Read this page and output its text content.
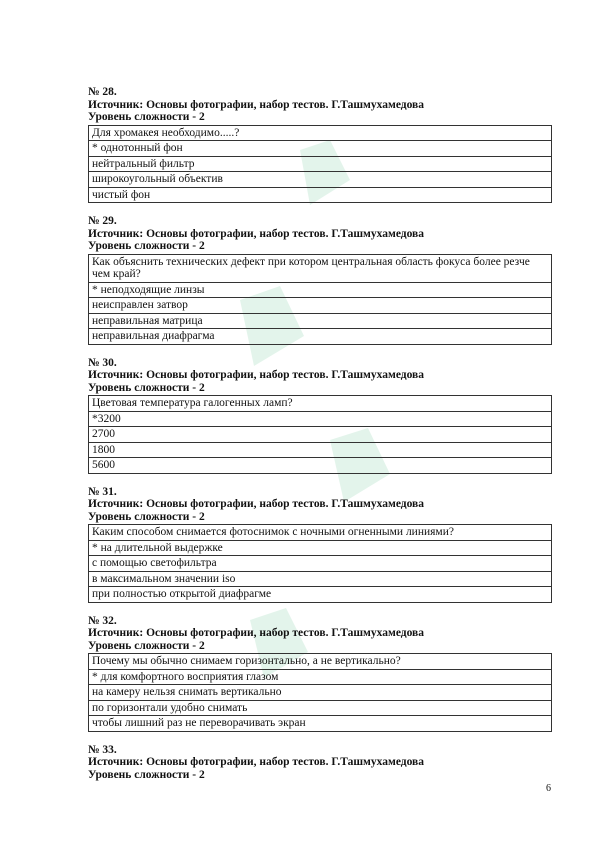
№ 28.
Источник: Основы фотографии, набор тестов. Г.Ташмухамедова
Уровень сложности - 2
Для хромакея необходимо.....?
* однотонный фон
нейтральный фильтр
широкоугольный объектив
чистый фон
№ 29.
Источник: Основы фотографии, набор тестов. Г.Ташмухамедова
Уровень сложности - 2
Как объяснить технических дефект при котором центральная область фокуса более резче чем край?
* неподходящие линзы
неисправлен затвор
неправильная матрица
неправильная диафрагма
№ 30.
Источник: Основы фотографии, набор тестов. Г.Ташмухамедова
Уровень сложности - 2
Цветовая температура галогенных ламп?
*3200
2700
1800
5600
№ 31.
Источник: Основы фотографии, набор тестов. Г.Ташмухамедова
Уровень сложности - 2
Каким способом снимается фотоснимок с ночными огненными линиями?
* на длительной выдержке
с помощью светофильтра
в максимальном значении iso
при полностью открытой диафрагме
№ 32.
Источник: Основы фотографии, набор тестов. Г.Ташмухамедова
Уровень сложности - 2
Почему мы обычно снимаем горизонтально, а не вертикально?
* для комфортного восприятия глазом
на камеру нельзя снимать вертикально
по горизонтали удобно снимать
чтобы лишний раз не переворачивать экран
№ 33.
Источник: Основы фотографии, набор тестов. Г.Ташмухамедова
Уровень сложности - 2
6
